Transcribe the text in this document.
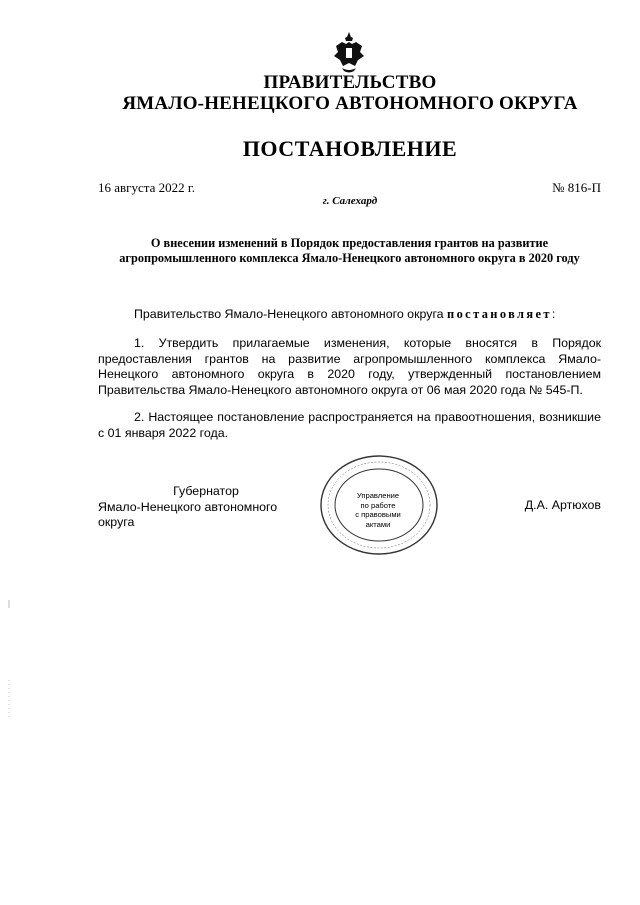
ПРАВИТЕЛЬСТВО
ЯМАЛО-НЕНЕЦКОГО АВТОНОМНОГО ОКРУГА
ПОСТАНОВЛЕНИЕ
16 августа 2022 г.	№ 816-П
г. Салехард
О внесении изменений в Порядок предоставления грантов на развитие агропромышленного комплекса Ямало-Ненецкого автономного округа в 2020 году
Правительство Ямало-Ненецкого автономного округа постановляет:
1. Утвердить прилагаемые изменения, которые вносятся в Порядок предоставления грантов на развитие агропромышленного комплекса Ямало-Ненецкого автономного округа в 2020 году, утвержденный постановлением Правительства Ямало-Ненецкого автономного округа от 06 мая 2020 года № 545-П.
2. Настоящее постановление распространяется на правоотношения, возникшие с 01 января 2022 года.
Губернатор
Ямало-Ненецкого автономного округа
Д.А. Артюхов
Управление
по работе
с правовыми
актами
